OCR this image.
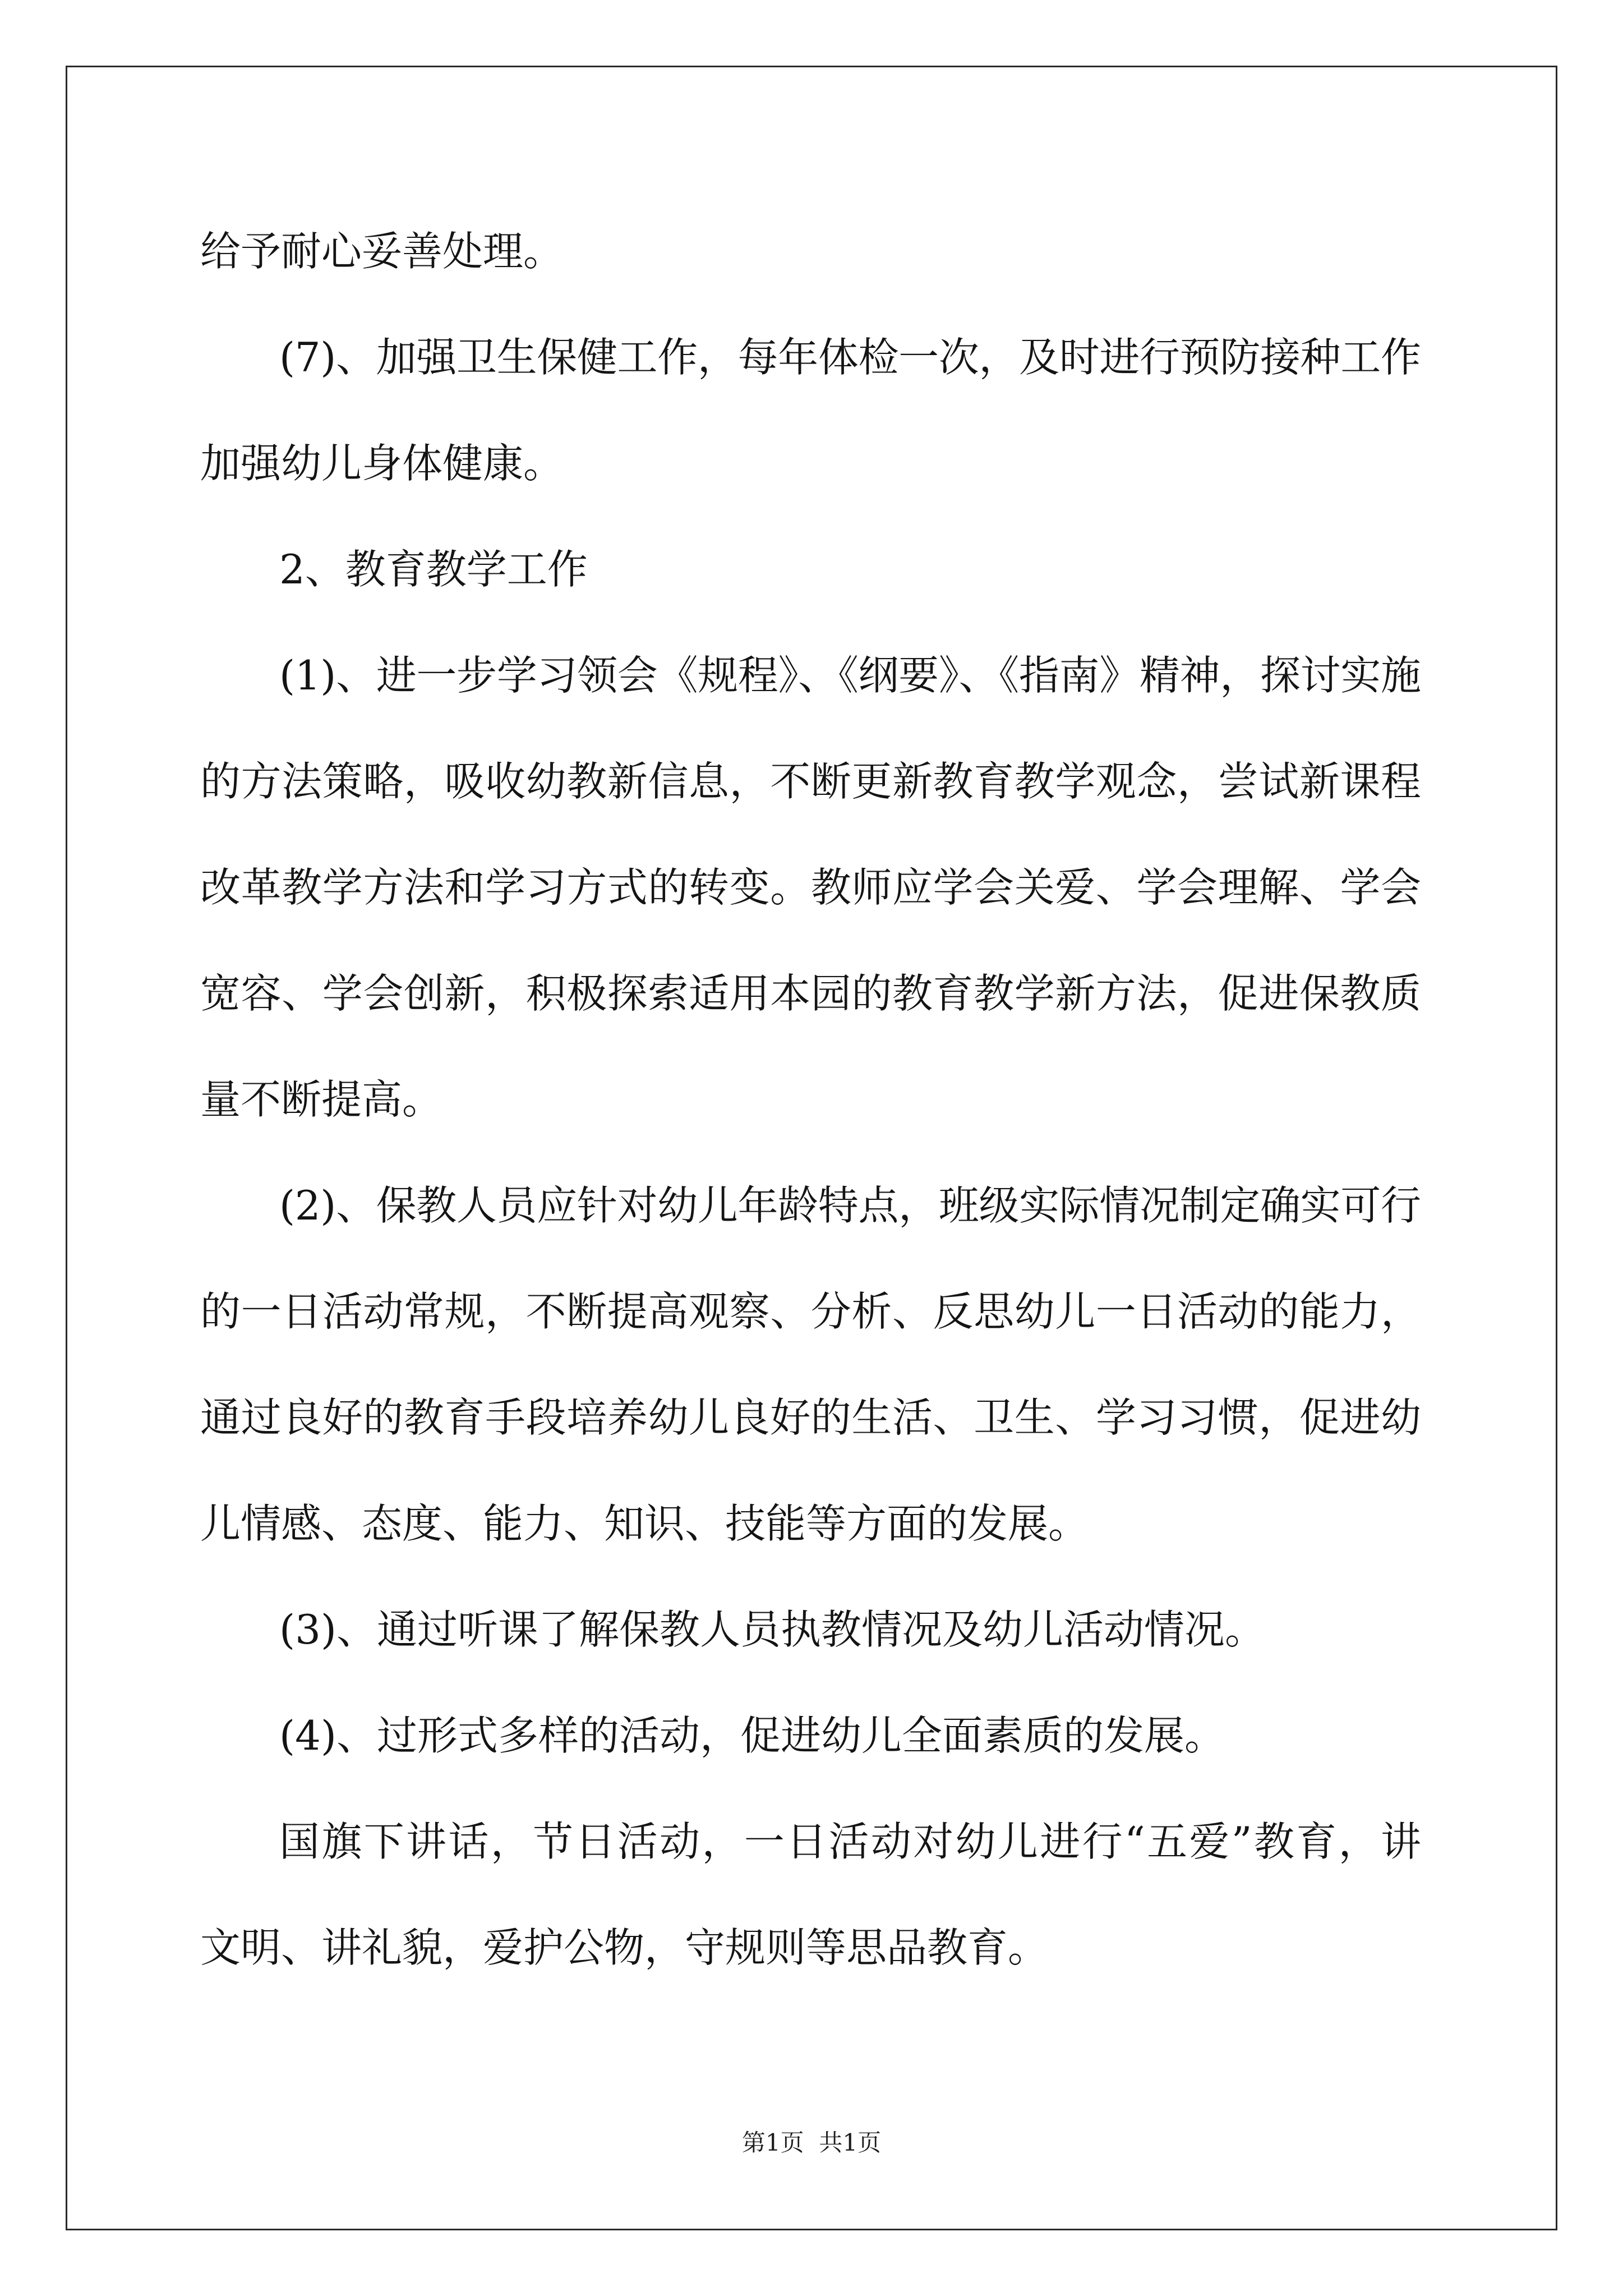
给予耐心妥善处理。
(7)、加强卫生保健工作，每年体检一次，及时进行预防接种工作
加强幼儿身体健康。
2、教育教学工作
(1)、进一步学习领会《规程》、《纲要》、《指南》精神，探讨实施
的方法策略，吸收幼教新信息，不断更新教育教学观念，尝试新课程
改革教学方法和学习方式的转变。教师应学会关爱、学会理解、学会
宽容、学会创新，积极探索适用本园的教育教学新方法，促进保教质
量不断提高。
(2)、保教人员应针对幼儿年龄特点，班级实际情况制定确实可行
的一日活动常规，不断提高观察、分析、反思幼儿一日活动的能力，
通过良好的教育手段培养幼儿良好的生活、卫生、学习习惯，促进幼
儿情感、态度、能力、知识、技能等方面的发展。
(3)、通过听课了解保教人员执教情况及幼儿活动情况。
(4)、过形式多样的活动，促进幼儿全面素质的发展。
国旗下讲话，节日活动，一日活动对幼儿进行“五爱”教育，讲
文明、讲礼貌，爱护公物，守规则等思品教育。
第1页  共1页
